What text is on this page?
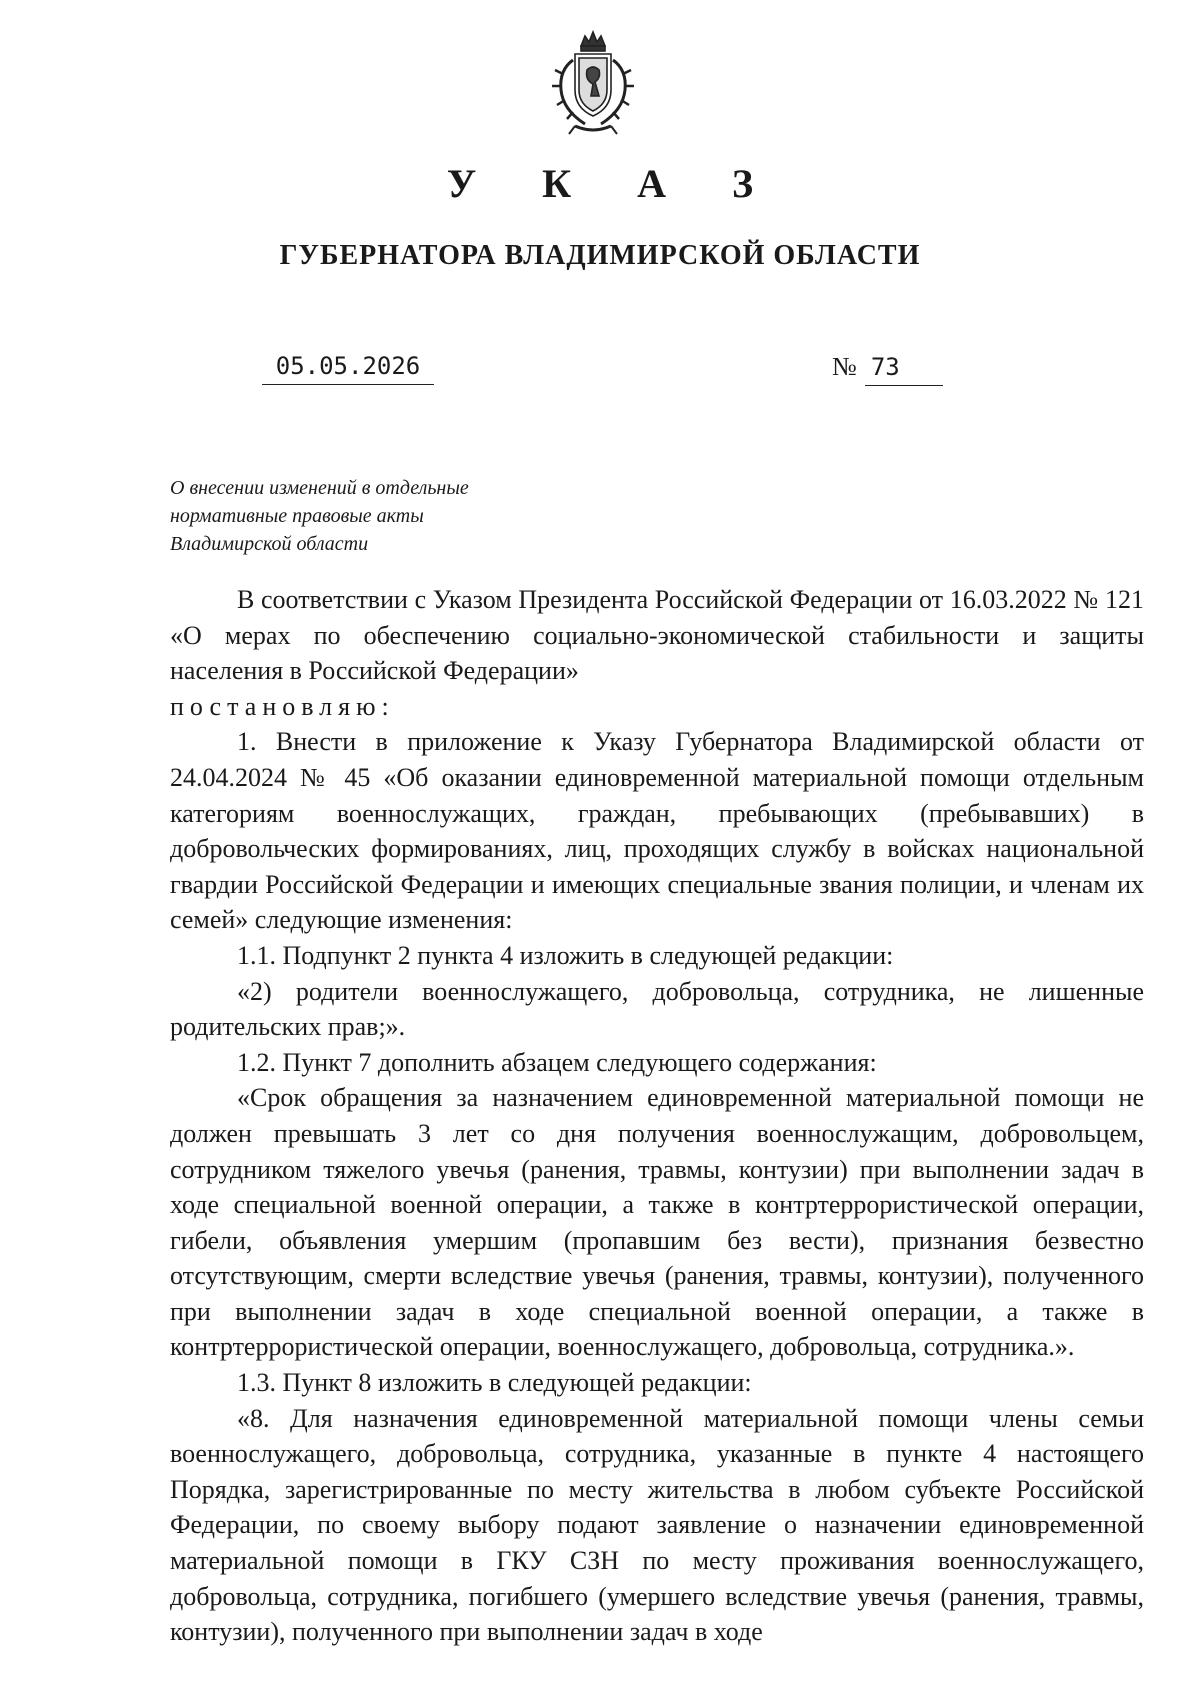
У К А З
ГУБЕРНАТОРА ВЛАДИМИРСКОЙ ОБЛАСТИ
05.05.2026	№ 73
О внесении изменений в отдельные
нормативные правовые акты
Владимирской области

В соответствии с Указом Президента Российской Федерации от 16.03.2022 № 121 «О мерах по обеспечению социально-экономической стабильности и защиты населения в Российской Федерации»

постановляю:

1. Внести в приложение к Указу Губернатора Владимирской области от 24.04.2024 № 45 «Об оказании единовременной материальной помощи отдельным категориям военнослужащих, граждан, пребывающих (пребывавших) в добровольческих формированиях, лиц, проходящих службу в войсках национальной гвардии Российской Федерации и имеющих специальные звания полиции, и членам их семей» следующие изменения:

1.1. Подпункт 2 пункта 4 изложить в следующей редакции:

«2) родители военнослужащего, добровольца, сотрудника, не лишенные родительских прав;».

1.2. Пункт 7 дополнить абзацем следующего содержания:

«Срок обращения за назначением единовременной материальной помощи не должен превышать 3 лет со дня получения военнослужащим, добровольцем, сотрудником тяжелого увечья (ранения, травмы, контузии) при выполнении задач в ходе специальной военной операции, а также в контртеррористической операции, гибели, объявления умершим (пропавшим без вести), признания безвестно отсутствующим, смерти вследствие увечья (ранения, травмы, контузии), полученного при выполнении задач в ходе специальной военной операции, а также в контртеррористической операции, военнослужащего, добровольца, сотрудника.».

1.3. Пункт 8 изложить в следующей редакции:

«8. Для назначения единовременной материальной помощи члены семьи военнослужащего, добровольца, сотрудника, указанные в пункте 4 настоящего Порядка, зарегистрированные по месту жительства в любом субъекте Российской Федерации, по своему выбору подают заявление о назначении единовременной материальной помощи в ГКУ СЗН по месту проживания военнослужащего, добровольца, сотрудника, погибшего (умершего вследствие увечья (ранения, травмы, контузии), полученного при выполнении задач в ходе
